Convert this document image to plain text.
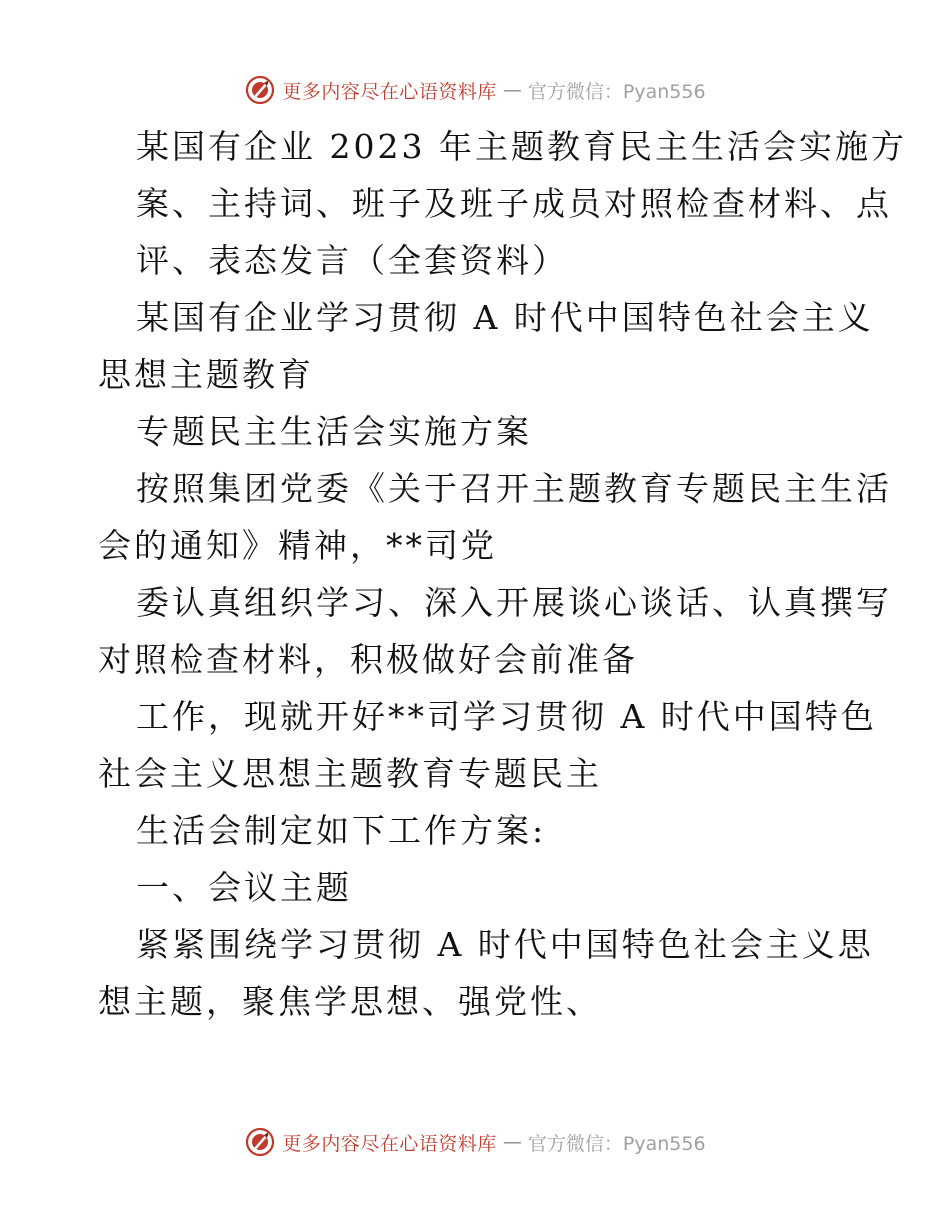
更多内容尽在心语资料库 — 官方微信：Pyan556
某国有企业 2023 年主题教育民主生活会实施方
案、主持词、班子及班子成员对照检查材料、点
评、表态发言（全套资料）
某国有企业学习贯彻 A 时代中国特色社会主义
思想主题教育
专题民主生活会实施方案
按照集团党委《关于召开主题教育专题民主生活
会的通知》精神，**司党
委认真组织学习、深入开展谈心谈话、认真撰写
对照检查材料，积极做好会前准备
工作，现就开好**司学习贯彻 A 时代中国特色
社会主义思想主题教育专题民主
生活会制定如下工作方案:
一、会议主题
紧紧围绕学习贯彻 A 时代中国特色社会主义思
想主题，聚焦学思想、强党性、
更多内容尽在心语资料库 — 官方微信：Pyan556
